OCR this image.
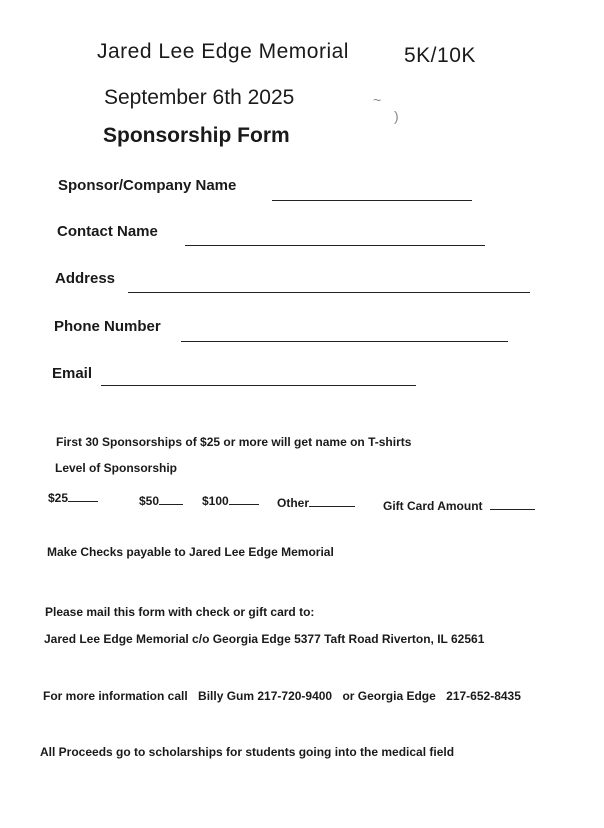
Jared Lee Edge Memorial	5K/10K
September 6th 2025
Sponsorship Form
~
)
Sponsor/Company Name
Contact Name
Address
Phone Number
Email
First 30 Sponsorships of $25 or more will get name on T-shirts
Level of Sponsorship
$25	$50	$100	Other	Gift Card Amount
Make Checks payable to Jared Lee Edge Memorial
Please mail this form with check or gift card to:
Jared Lee Edge Memorial c/o Georgia Edge 5377 Taft Road Riverton, IL 62561
For more information call Billy Gum 217-720-9400 or Georgia Edge 217-652-8435
All Proceeds go to scholarships for students going into the medical field
